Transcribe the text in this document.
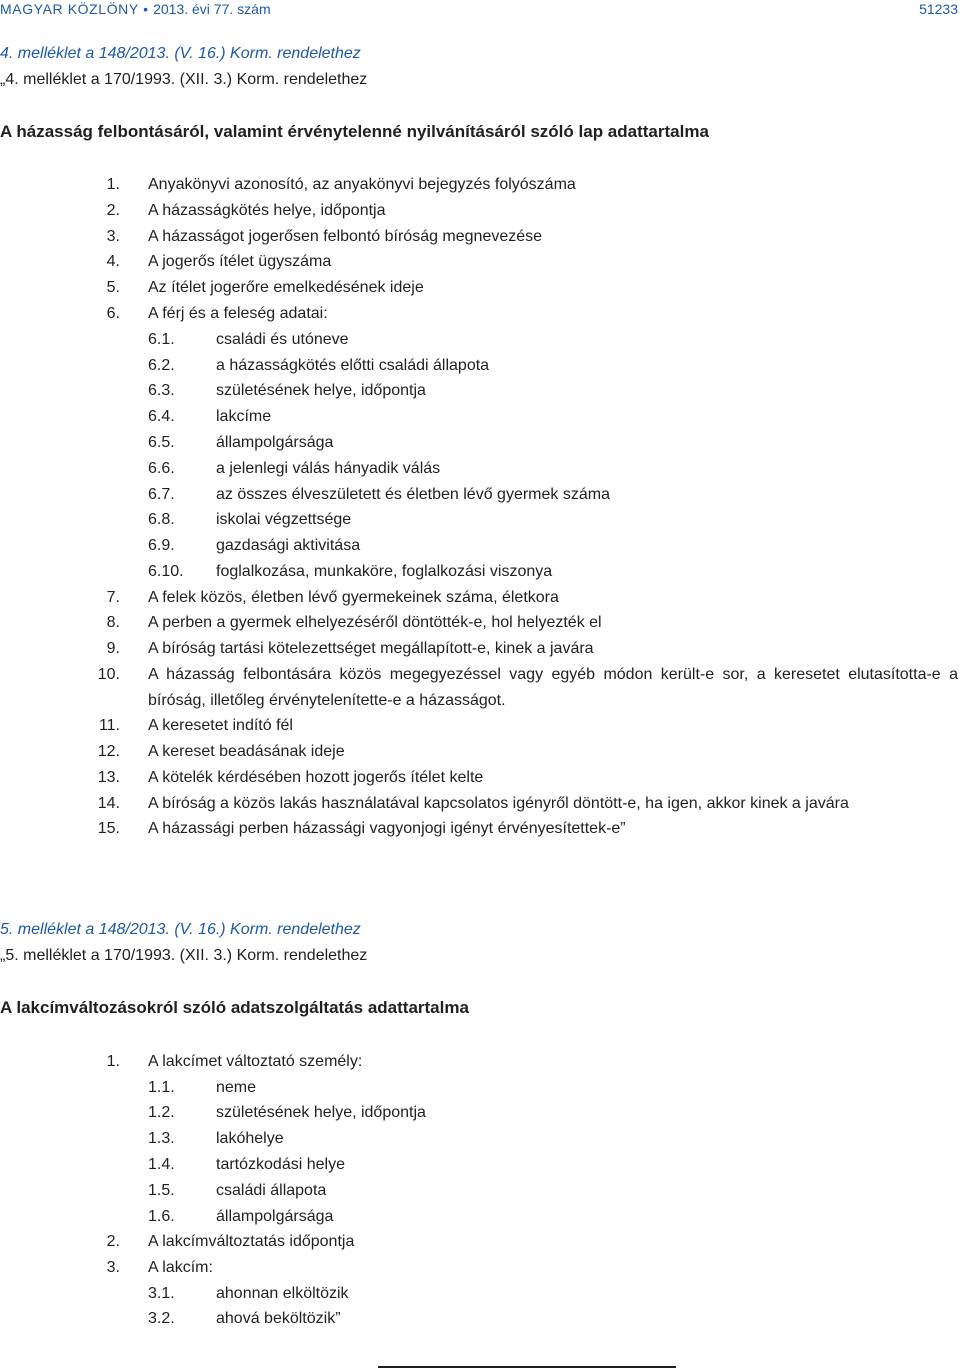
MAGYAR KÖZLÖNY • 2013. évi 77. szám	51233
4. melléklet a 148/2013. (V. 16.) Korm. rendelethez
„4. melléklet a 170/1993. (XII. 3.) Korm. rendelethez
A házasság felbontásáról, valamint érvénytelenné nyilvánításáról szóló lap adattartalma
1. Anyakönyvi azonosító, az anyakönyvi bejegyzés folyószáma
2. A házasságkötés helye, időpontja
3. A házasságot jogerősen felbontó bíróság megnevezése
4. A jogerős ítélet ügyszáma
5. Az ítélet jogerőre emelkedésének ideje
6. A férj és a feleség adatai:
6.1.	családi és utóneve
6.2.	a házasságkötés előtti családi állapota
6.3.	születésének helye, időpontja
6.4.	lakcíme
6.5.	állampolgársága
6.6.	a jelenlegi válás hányadik válás
6.7.	az összes élveszületett és életben lévő gyermek száma
6.8.	iskolai végzettsége
6.9.	gazdasági aktivitása
6.10. foglalkozása, munkaköre, foglalkozási viszonya
7. A felek közös, életben lévő gyermekeinek száma, életkora
8. A perben a gyermek elhelyezéséről döntötték-e, hol helyezték el
9. A bíróság tartási kötelezettséget megállapított-e, kinek a javára
10. A házasság felbontására közös megegyezéssel vagy egyéb módon került-e sor, a keresetet elutasította-e a bíróság, illetőleg érvénytelenítette-e a házasságot.
11. A keresetet indító fél
12. A kereset beadásának ideje
13. A kötelék kérdésében hozott jogerős ítélet kelte
14. A bíróság a közös lakás használatával kapcsolatos igényről döntött-e, ha igen, akkor kinek a javára
15. A házassági perben házassági vagyonjogi igényt érvényesítettek-e”
5. melléklet a 148/2013. (V. 16.) Korm. rendelethez
„5. melléklet a 170/1993. (XII. 3.) Korm. rendelethez
A lakcímváltozásokról szóló adatszolgáltatás adattartalma
1. A lakcímet változtató személy:
1.1.	neme
1.2.	születésének helye, időpontja
1.3.	lakóhelye
1.4.	tartózkodási helye
1.5.	családi állapota
1.6.	állampolgársága
2. A lakcímváltoztatás időpontja
3. A lakcím:
3.1.	ahonnan elköltözik
3.2.	ahová beköltözik”
